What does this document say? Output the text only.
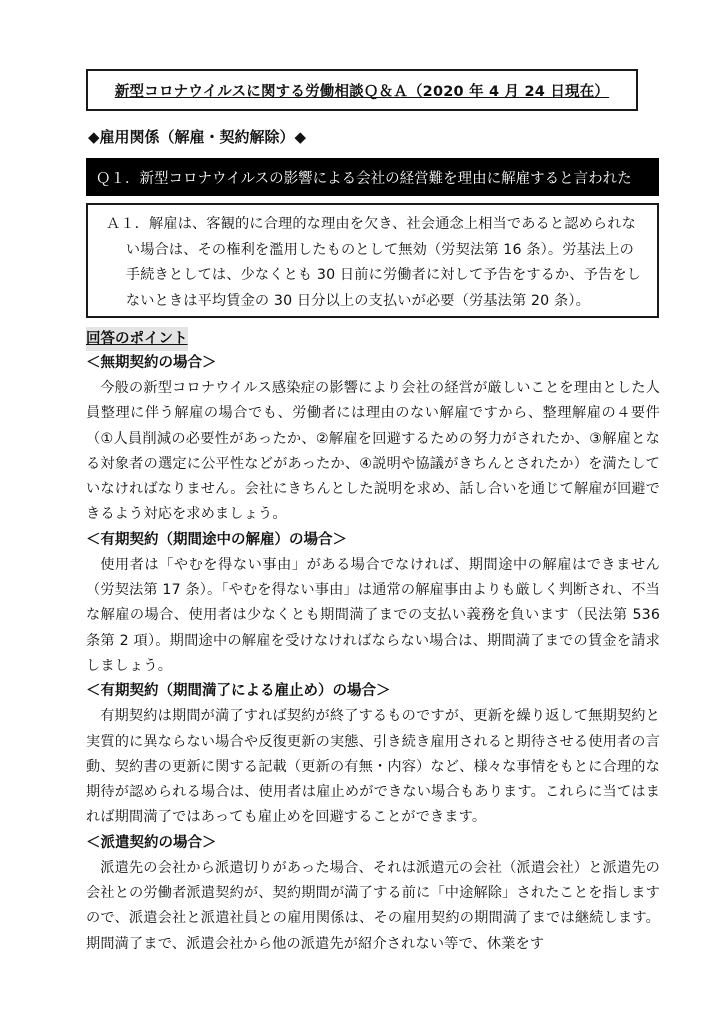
新型コロナウイルスに関する労働相談Ｑ＆Ａ（2020 年 4 月 24 日現在）
◆雇用関係（解雇・契約解除）◆
Ｑ１．新型コロナウイルスの影響による会社の経営難を理由に解雇すると言われた

Ａ１．解雇は、客観的に合理的な理由を欠き、社会通念上相当であると認められない場合は、その権利を濫用したものとして無効（労契法第 16 条）。労基法上の手続きとしては、少なくとも 30 日前に労働者に対して予告をするか、予告をしないときは平均賃金の 30 日分以上の支払いが必要（労基法第 20 条）。

回答のポイント
＜無期契約の場合＞

今般の新型コロナウイルス感染症の影響により会社の経営が厳しいことを理由とした人員整理に伴う解雇の場合でも、労働者には理由のない解雇ですから、整理解雇の４要件（①人員削減の必要性があったか、②解雇を回避するための努力がされたか、③解雇となる対象者の選定に公平性などがあったか、④説明や協議がきちんとされたか）を満たしていなければなりません。会社にきちんとした説明を求め、話し合いを通じて解雇が回避できるよう対応を求めましょう。

＜有期契約（期間途中の解雇）の場合＞

使用者は「やむを得ない事由」がある場合でなければ、期間途中の解雇はできません（労契法第 17 条）。「やむを得ない事由」は通常の解雇事由よりも厳しく判断され、不当な解雇の場合、使用者は少なくとも期間満了までの支払い義務を負います（民法第 536 条第 2 項）。期間途中の解雇を受けなければならない場合は、期間満了までの賃金を請求しましょう。

＜有期契約（期間満了による雇止め）の場合＞

有期契約は期間が満了すれば契約が終了するものですが、更新を繰り返して無期契約と実質的に異ならない場合や反復更新の実態、引き続き雇用されると期待させる使用者の言動、契約書の更新に関する記載（更新の有無・内容）など、様々な事情をもとに合理的な期待が認められる場合は、使用者は雇止めができない場合もあります。これらに当てはまれば期間満了ではあっても雇止めを回避することができます。

＜派遣契約の場合＞

派遣先の会社から派遣切りがあった場合、それは派遣元の会社（派遣会社）と派遣先の会社との労働者派遣契約が、契約期間が満了する前に「中途解除」されたことを指しますので、派遣会社と派遣社員との雇用関係は、その雇用契約の期間満了までは継続します。期間満了まで、派遣会社から他の派遣先が紹介されない等で、休業をす
